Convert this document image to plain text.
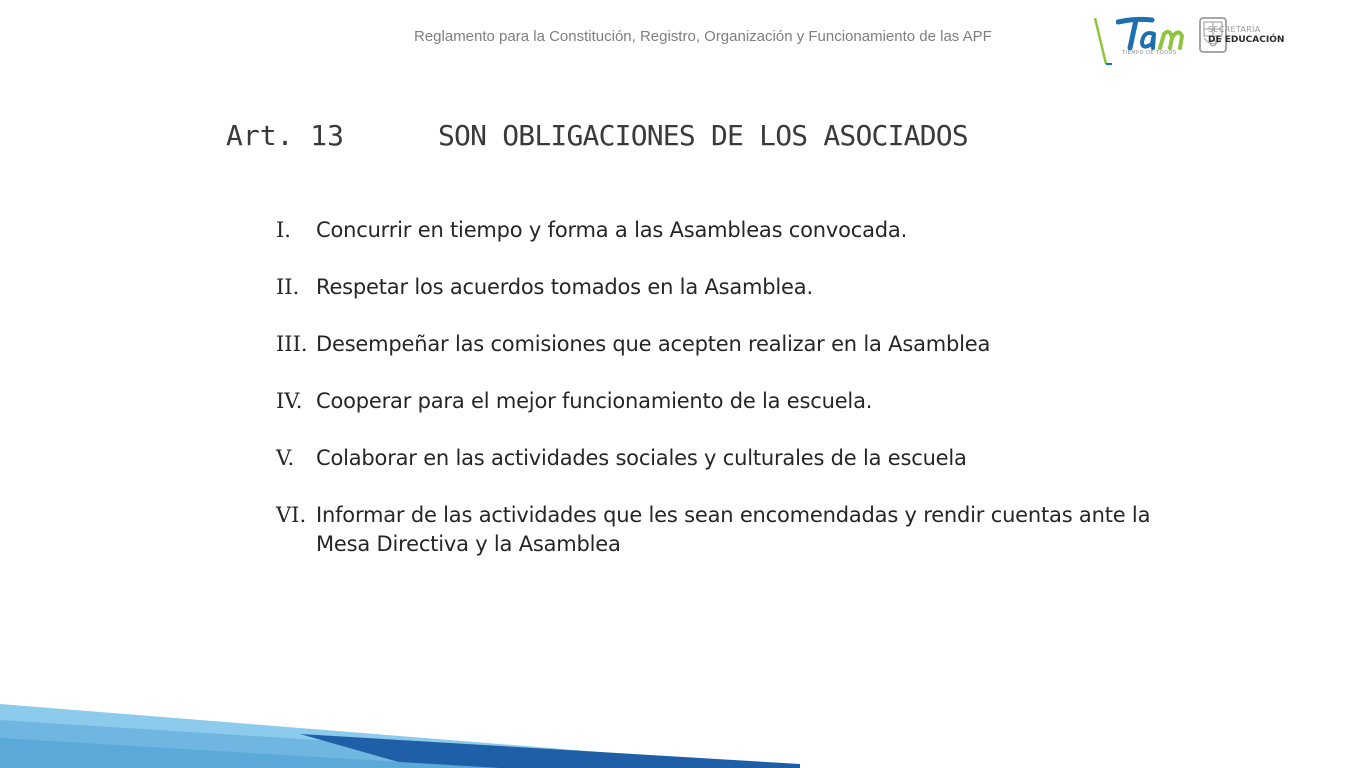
Reglamento para la Constitución, Registro, Organización y Funcionamiento de las APF
TIEMPO DE TODOS
SECRETARÍA
DE EDUCACIÓN
Art. 13	SON OBLIGACIONES DE LOS ASOCIADOS
I.	Concurrir en tiempo y forma a las Asambleas convocada.
II. Respetar los acuerdos tomados en la Asamblea.
III. Desempeñar las comisiones que acepten realizar en la Asamblea
IV. Cooperar para el mejor funcionamiento de la escuela.
V.	Colaborar en las actividades sociales y culturales de la escuela
VI. Informar de las actividades que les sean encomendadas y rendir cuentas ante la Mesa Directiva y la Asamblea
